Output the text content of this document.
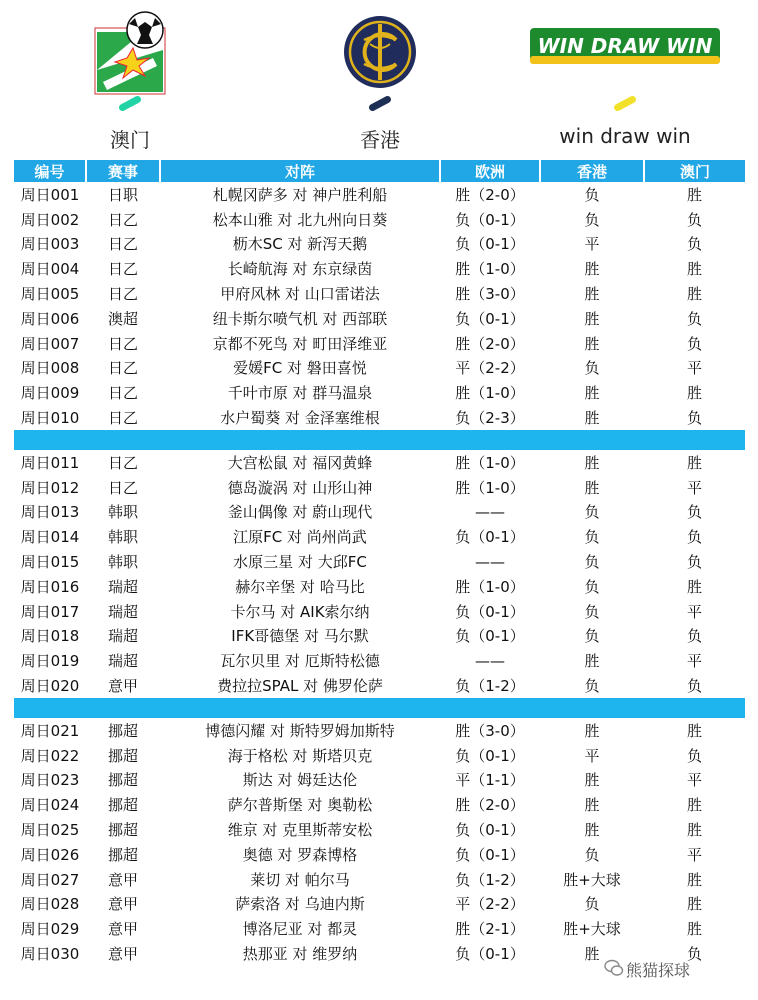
澳门	香港
WIN DRAW WIN
win draw win
编号	赛事	对阵	欧洲	香港	澳门
周日001	日职	札幌冈萨多 对 神户胜利船	胜（2-0）	负	胜
周日002	日乙	松本山雅 对 北九州向日葵	负（0-1）	负	负
周日003	日乙	枥木SC 对 新泻天鹅	负（0-1）	平	负
周日004	日乙	长崎航海 对 东京绿茵	胜（1-0）	胜	胜
周日005	日乙	甲府风林 对 山口雷诺法	胜（3-0）	胜	胜
周日006	澳超	纽卡斯尔喷气机 对 西部联	负（0-1）	胜	负
周日007	日乙	京都不死鸟 对 町田泽维亚	胜（2-0）	胜	负
周日008	日乙	爱媛FC 对 磐田喜悦	平（2-2）	负	平
周日009	日乙	千叶市原 对 群马温泉	胜（1-0）	胜	胜
周日010	日乙	水户蜀葵 对 金泽塞维根	负（2-3）	胜	负

周日011	日乙	大宫松鼠 对 福冈黄蜂	胜（1-0）	胜	胜
周日012	日乙	德岛漩涡 对 山形山神	胜（1-0）	胜	平
周日013	韩职	釜山偶像 对 蔚山现代	——	负	负
周日014	韩职	江原FC 对 尚州尚武	负（0-1）	负	负
周日015	韩职	水原三星 对 大邱FC	——	负	负
周日016	瑞超	赫尔辛堡 对 哈马比	胜（1-0）	负	胜
周日017	瑞超	卡尔马 对 AIK索尔纳	负（0-1）	负	平
周日018	瑞超	IFK哥德堡 对 马尔默	负（0-1）	负	负
周日019	瑞超	瓦尔贝里 对 厄斯特松德	——	胜	平
周日020	意甲	费拉拉SPAL 对 佛罗伦萨	负（1-2）	负	负

周日021	挪超	博德闪耀 对 斯特罗姆加斯特	胜（3-0）	胜	胜
周日022	挪超	海于格松 对 斯塔贝克	负（0-1）	平	负
周日023	挪超	斯达 对 姆廷达伦	平（1-1）	胜	平
周日024	挪超	萨尔普斯堡 对 奥勒松	胜（2-0）	胜	胜
周日025	挪超	维京 对 克里斯蒂安松	负（0-1）	胜	胜
周日026	挪超	奥德 对 罗森博格	负（0-1）	负	平
周日027	意甲	莱切 对 帕尔马	负（1-2）	胜+大球	胜
周日028	意甲	萨索洛 对 乌迪内斯	平（2-2）	负	胜
周日029	意甲	博洛尼亚 对 都灵	胜（2-1）	胜+大球	胜
周日030	意甲	热那亚 对 维罗纳	负（0-1）	胜	负
熊猫探球
